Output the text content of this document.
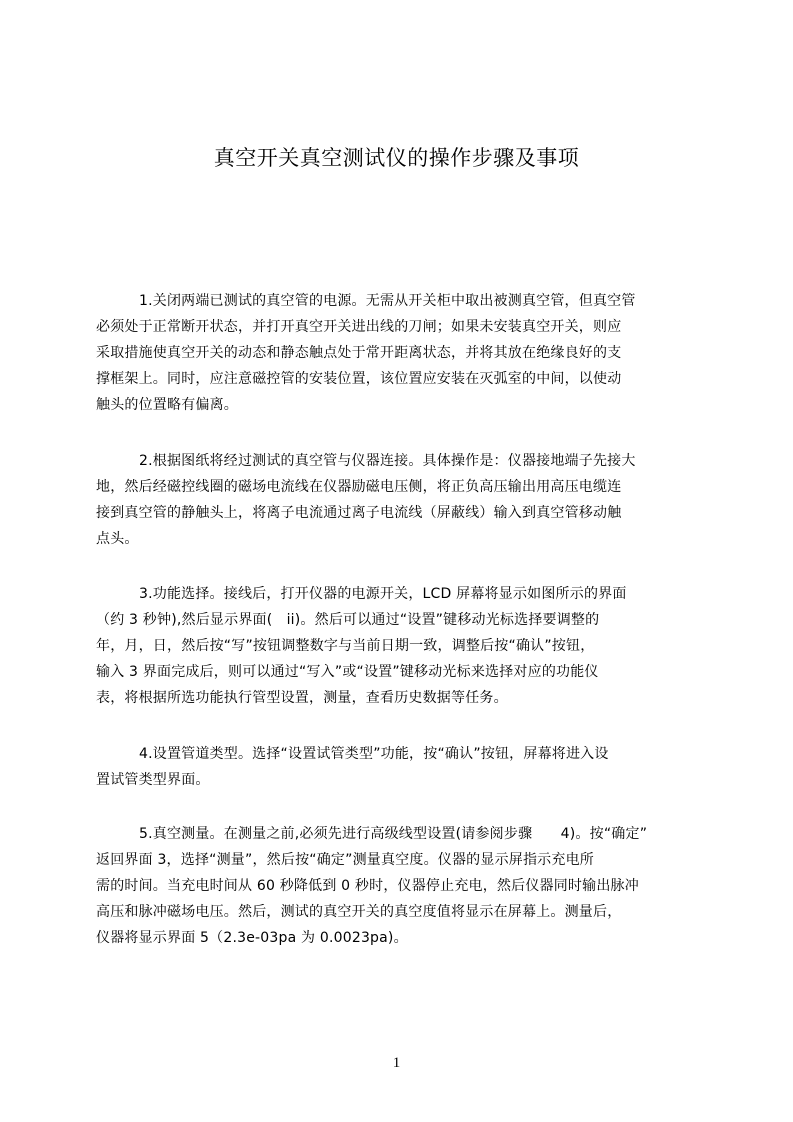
真空开关真空测试仪的操作步骤及事项
1.关闭两端已测试的真空管的电源。无需从开关柜中取出被测真空管，但真空管
必须处于正常断开状态，并打开真空开关进出线的刀闸；如果未安装真空开关，则应
采取措施使真空开关的动态和静态触点处于常开距离状态，并将其放在绝缘良好的支
撑框架上。同时，应注意磁控管的安装位置，该位置应安装在灭弧室的中间，以使动
触头的位置略有偏离。
2.根据图纸将经过测试的真空管与仪器连接。具体操作是：仪器接地端子先接大
地，然后经磁控线圈的磁场电流线在仪器励磁电压侧，将正负高压输出用高压电缆连
接到真空管的静触头上，将离子电流通过离子电流线（屏蔽线）输入到真空管移动触
点头。
3.功能选择。接线后，打开仪器的电源开关，LCD 屏幕将显示如图所示的界面
（约 3 秒钟),然后显示界面(　ii)。然后可以通过“设置”键移动光标选择要调整的
年，月，日，然后按“写”按钮调整数字与当前日期一致，调整后按“确认”按钮，
输入 3 界面完成后，则可以通过“写入”或“设置”键移动光标来选择对应的功能仪
表，将根据所选功能执行管型设置，测量，查看历史数据等任务。
4.设置管道类型。选择“设置试管类型”功能，按“确认”按钮，屏幕将进入设
置试管类型界面。
5.真空测量。在测量之前,必须先进行高级线型设置(请参阅步骤　　4)。按“确定”
返回界面 3，选择“测量”，然后按“确定”测量真空度。仪器的显示屏指示充电所
需的时间。当充电时间从 60 秒降低到 0 秒时，仪器停止充电，然后仪器同时输出脉冲
高压和脉冲磁场电压。然后，测试的真空开关的真空度值将显示在屏幕上。测量后，
仪器将显示界面 5（2.3e-03pa 为 0.0023pa)。
1
